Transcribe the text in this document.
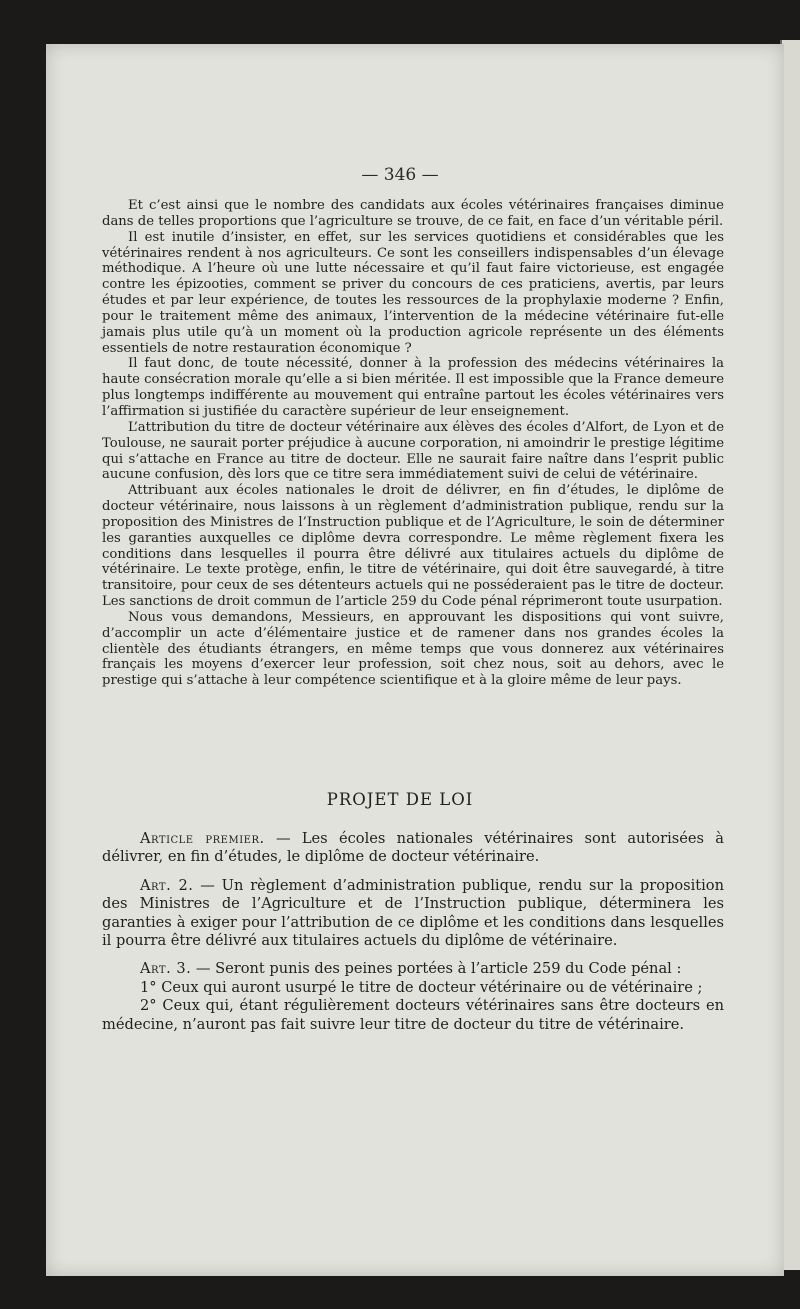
— 346 —

Et c’est ainsi que le nombre des candidats aux écoles vétérinaires françaises diminue dans de telles proportions que l’agriculture se trouve, de ce fait, en face d’un véritable péril.

Il est inutile d’insister, en effet, sur les services quotidiens et considérables que les vétérinaires rendent à nos agriculteurs. Ce sont les conseillers indispensables d’un élevage méthodique. A l’heure où une lutte nécessaire et qu’il faut faire victorieuse, est engagée contre les épizooties, comment se priver du concours de ces praticiens, avertis, par leurs études et par leur expérience, de toutes les ressources de la prophylaxie moderne ? Enfin, pour le traitement même des animaux, l’intervention de la médecine vétérinaire fut-elle jamais plus utile qu’à un moment où la production agricole représente un des éléments essentiels de notre restauration économique ?

Il faut donc, de toute nécessité, donner à la profession des médecins vétérinaires la haute consécration morale qu’elle a si bien méritée. Il est impossible que la France demeure plus longtemps indifférente au mouvement qui entraîne partout les écoles vétérinaires vers l’affirmation si justifiée du caractère supérieur de leur enseignement.

L’attribution du titre de docteur vétérinaire aux élèves des écoles d’Alfort, de Lyon et de Toulouse, ne saurait porter préjudice à aucune corporation, ni amoindrir le prestige légitime qui s’attache en France au titre de docteur. Elle ne saurait faire naître dans l’esprit public aucune confusion, dès lors que ce titre sera immédiatement suivi de celui de vétérinaire.

Attribuant aux écoles nationales le droit de délivrer, en fin d’études, le diplôme de docteur vétérinaire, nous laissons à un règlement d’administration publique, rendu sur la proposition des Ministres de l’Instruction publique et de l’Agriculture, le soin de déterminer les garanties auxquelles ce diplôme devra correspondre. Le même règlement fixera les conditions dans lesquelles il pourra être délivré aux titulaires actuels du diplôme de vétérinaire. Le texte protège, enfin, le titre de vétérinaire, qui doit être sauvegardé, à titre transitoire, pour ceux de ses détenteurs actuels qui ne posséderaient pas le titre de docteur. Les sanctions de droit commun de l’article 259 du Code pénal réprimeront toute usurpation.

Nous vous demandons, Messieurs, en approuvant les dispositions qui vont suivre, d’accomplir un acte d’élémentaire justice et de ramener dans nos grandes écoles la clientèle des étudiants étrangers, en même temps que vous donnerez aux vétérinaires français les moyens d’exercer leur profession, soit chez nous, soit au dehors, avec le prestige qui s’attache à leur compétence scientifique et à la gloire même de leur pays.

PROJET DE LOI

Article premier. — Les écoles nationales vétérinaires sont autorisées à délivrer, en fin d’études, le diplôme de docteur vétérinaire.

Art. 2. — Un règlement d’administration publique, rendu sur la proposition des Ministres de l’Agriculture et de l’Instruction publique, déterminera les garanties à exiger pour l’attribution de ce diplôme et les conditions dans lesquelles il pourra être délivré aux titulaires actuels du diplôme de vétérinaire.

Art. 3. — Seront punis des peines portées à l’article 259 du Code pénal :

1° Ceux qui auront usurpé le titre de docteur vétérinaire ou de vétérinaire ;

2° Ceux qui, étant régulièrement docteurs vétérinaires sans être docteurs en médecine, n’auront pas fait suivre leur titre de docteur du titre de vétérinaire.
